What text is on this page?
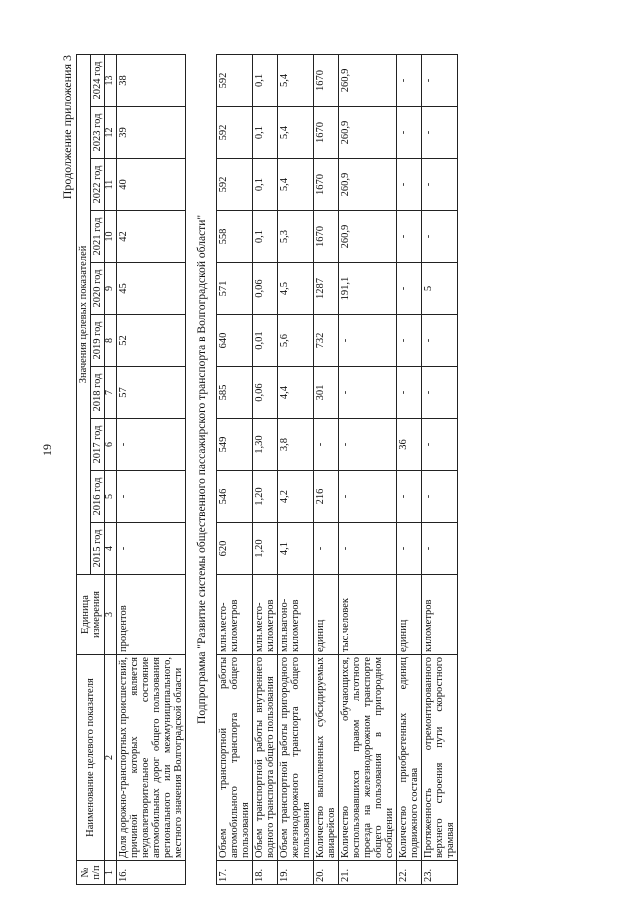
19
Продолжение приложения 3
№ п/п	Наименование целевого показателя	Единица измерения	Значения целевых показателей									
			2015 год	2016 год	2017 год	2018 год	2019 год	2020 год	2021 год	2022 год	2023 год	2024 год
1	2	3	4	5	6	7	8	9	10	11	12	13
16.	Доля дорожно-транспортных происшествий, причиной которых является неудовлетворительное состояние автомобильных дорог общего пользования регионального или межмуниципального, местного значения Волгоградской области	процентов	-	-	-	57	52	45	42	40	39	38
Подпрограмма "Развитие системы общественного пассажирского транспорта в Волгоградской области"												
17.	Объем транспортной работы автомобильного транспорта общего пользования	млн.место-километров	620	546	549	585	640	571	558	592	592	592
18.	Объем транспортной работы внутреннего водного транспорта общего пользования	млн.место-километров	1,20	1,20	1,30	0,06	0,01	0,06	0,1	0,1	0,1	0,1
19.	Объем транспортной работы пригородного железнодорожного транспорта общего пользования	млн.вагоно-километров	4,1	4,2	3,8	4,4	5,6	4,5	5,3	5,4	5,4	5,4
20.	Количество выполненных субсидируемых авиарейсов	единиц	-	216	-	301	732	1287	1670	1670	1670	1670
21.	Количество обучающихся, воспользовавшихся правом льготного проезда на железнодорожном транспорте общего пользования в пригородном сообщении	тыс.человек	-	-	-	-	-	191,1	260,9	260,9	260,9	260,9
22.	Количество приобретенных единиц подвижного состава	единиц	-	-	36	-	-	-	-	-	-	-
23.	Протяженность отремонтированного верхнего строения пути скоростного трамвая	километров	-	-	-	-	-	5	-	-	-	-
